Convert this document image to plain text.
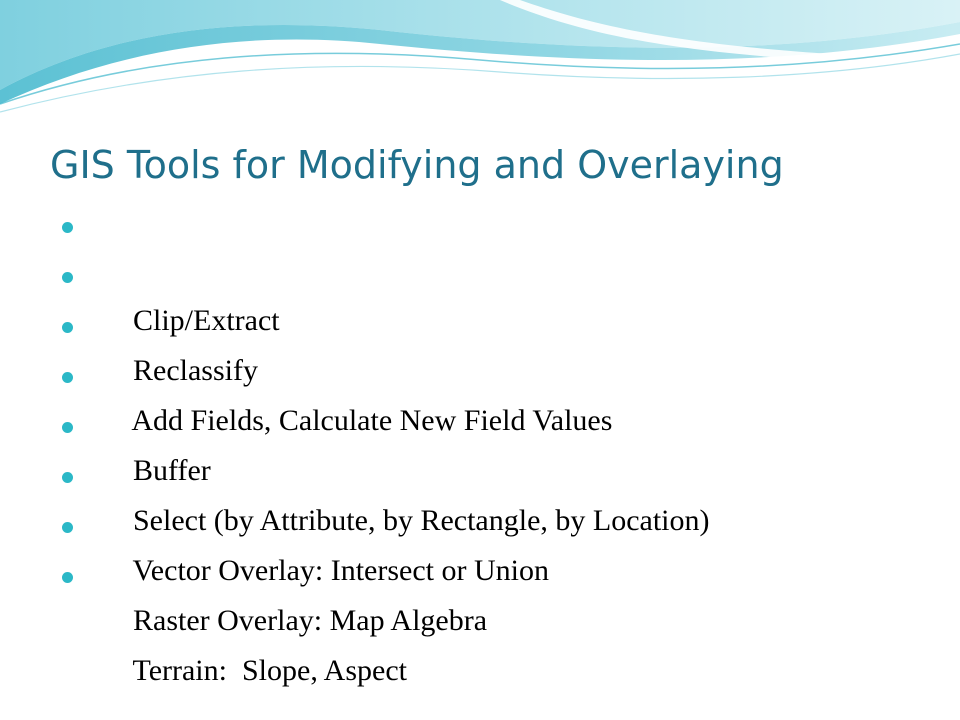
GIS Tools for Modifying and Overlaying

Clip/Extract

Reclassify

Add Fields, Calculate New Field Values

Buffer

Select (by Attribute, by Rectangle, by Location)

Vector Overlay: Intersect or Union

Raster Overlay: Map Algebra

Terrain:  Slope, Aspect
